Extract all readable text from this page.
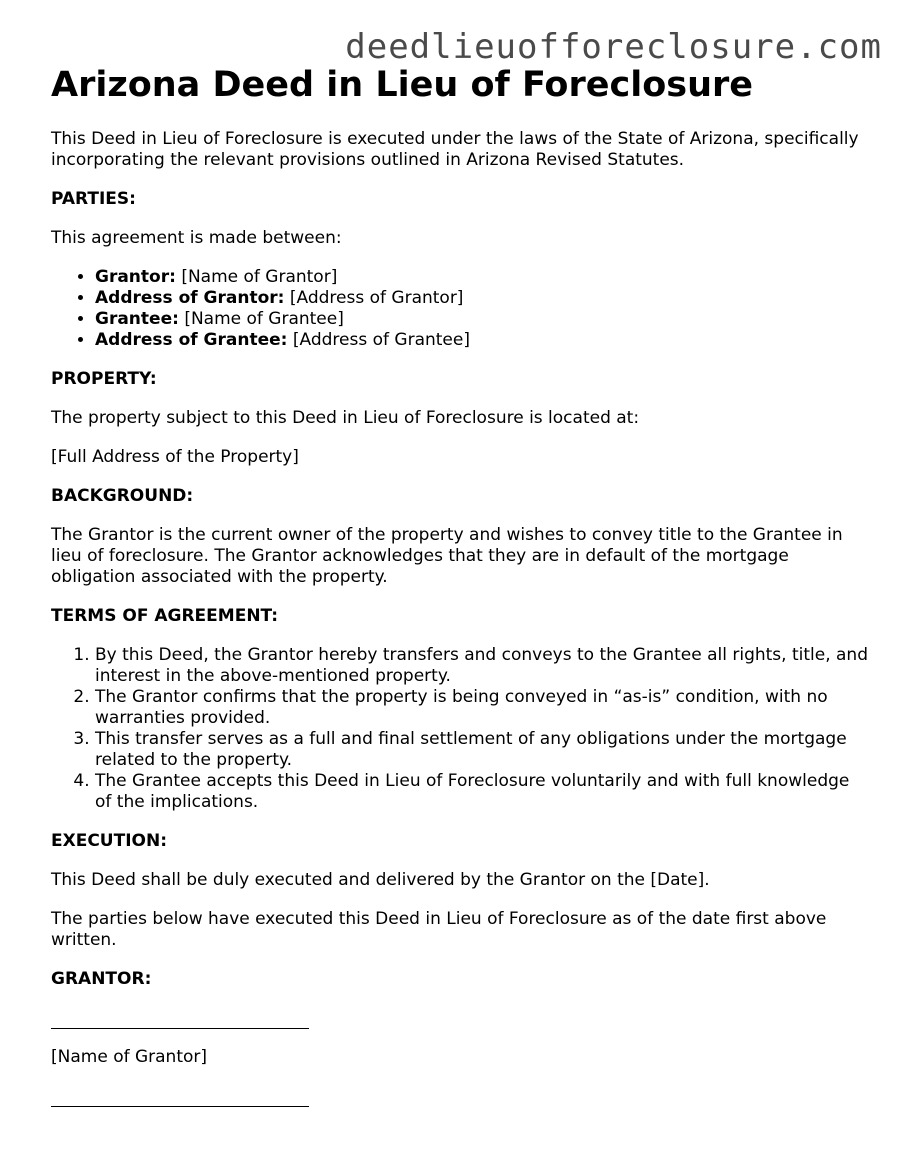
deedlieuofforeclosure.com
Arizona Deed in Lieu of Foreclosure

This Deed in Lieu of Foreclosure is executed under the laws of the State of Arizona, specifically incorporating the relevant provisions outlined in Arizona Revised Statutes.

PARTIES:

This agreement is made between:

• Grantor: [Name of Grantor]
• Address of Grantor: [Address of Grantor]
• Grantee: [Name of Grantee]
• Address of Grantee: [Address of Grantee]

PROPERTY:

The property subject to this Deed in Lieu of Foreclosure is located at:

[Full Address of the Property]

BACKGROUND:

The Grantor is the current owner of the property and wishes to convey title to the Grantee in lieu of foreclosure. The Grantor acknowledges that they are in default of the mortgage obligation associated with the property.

TERMS OF AGREEMENT:

1. By this Deed, the Grantor hereby transfers and conveys to the Grantee all rights, title, and interest in the above-mentioned property.
2. The Grantor confirms that the property is being conveyed in “as-is” condition, with no warranties provided.
3. This transfer serves as a full and final settlement of any obligations under the mortgage related to the property.
4. The Grantee accepts this Deed in Lieu of Foreclosure voluntarily and with full knowledge of the implications.

EXECUTION:

This Deed shall be duly executed and delivered by the Grantor on the [Date].

The parties below have executed this Deed in Lieu of Foreclosure as of the date first above written.

GRANTOR:

[Name of Grantor]
